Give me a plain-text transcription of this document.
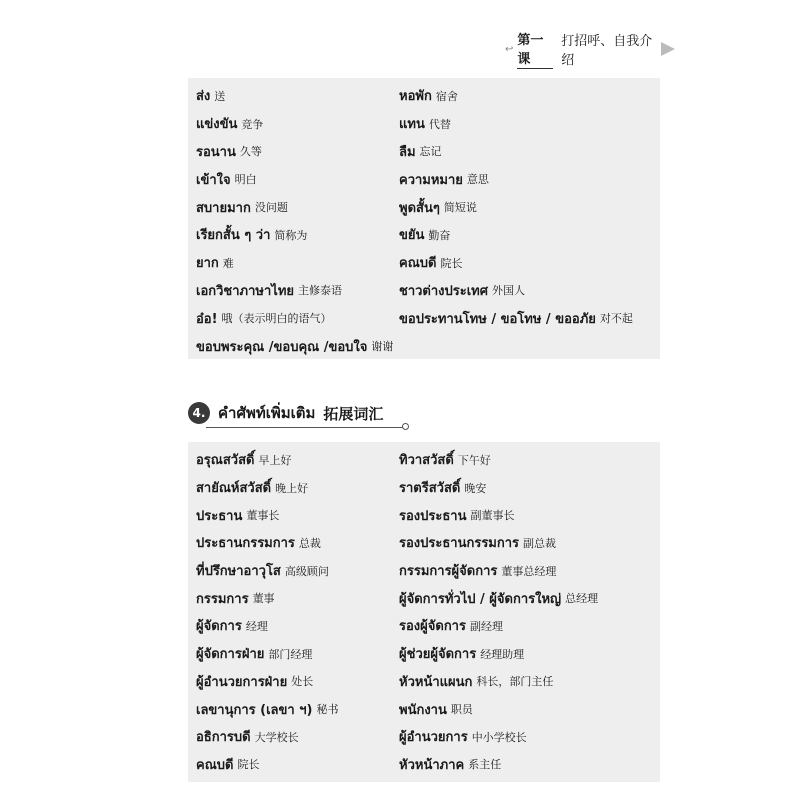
↩
第一课
打招呼、自我介绍
ส่ง 送	หอพัก 宿舍
แข่งขัน 竞争	แทน 代替
รอนาน 久等	ลืม 忘记
เข้าใจ 明白	ความหมาย 意思
สบายมาก 没问题	พูดสั้นๆ 简短说
เรียกสั้น ๆ ว่า 简称为	ขยัน 勤奋
ยาก 难	คณบดี 院长
เอกวิชาภาษาไทย 主修泰语	ชาวต่างประเทศ 外国人
อ๋อ! 哦（表示明白的语气）	ขอประทานโทษ / ขอโทษ / ขออภัย 对不起
ขอบพระคุณ /ขอบคุณ /ขอบใจ 谢谢
4. คำศัพท์เพิ่มเติม 拓展词汇
อรุณสวัสดิ์ 早上好	ทิวาสวัสดิ์ 下午好
สายัณห์สวัสดิ์ 晚上好	ราตรีสวัสดิ์ 晚安
ประธาน 董事长	รองประธาน 副董事长
ประธานกรรมการ 总裁	รองประธานกรรมการ 副总裁
ที่ปรึกษาอาวุโส 高级顾问	กรรมการผู้จัดการ 董事总经理
กรรมการ 董事	ผู้จัดการทั่วไป / ผู้จัดการใหญ่ 总经理
ผู้จัดการ 经理	รองผู้จัดการ 副经理
ผู้จัดการฝ่าย 部门经理	ผู้ช่วยผู้จัดการ 经理助理
ผู้อำนวยการฝ่าย 处长	หัวหน้าแผนก 科长，部门主任
เลขานุการ (เลขา ฯ) 秘书	พนักงาน 职员
อธิการบดี 大学校长	ผู้อำนวยการ 中小学校长
คณบดี 院长	หัวหน้าภาค 系主任
